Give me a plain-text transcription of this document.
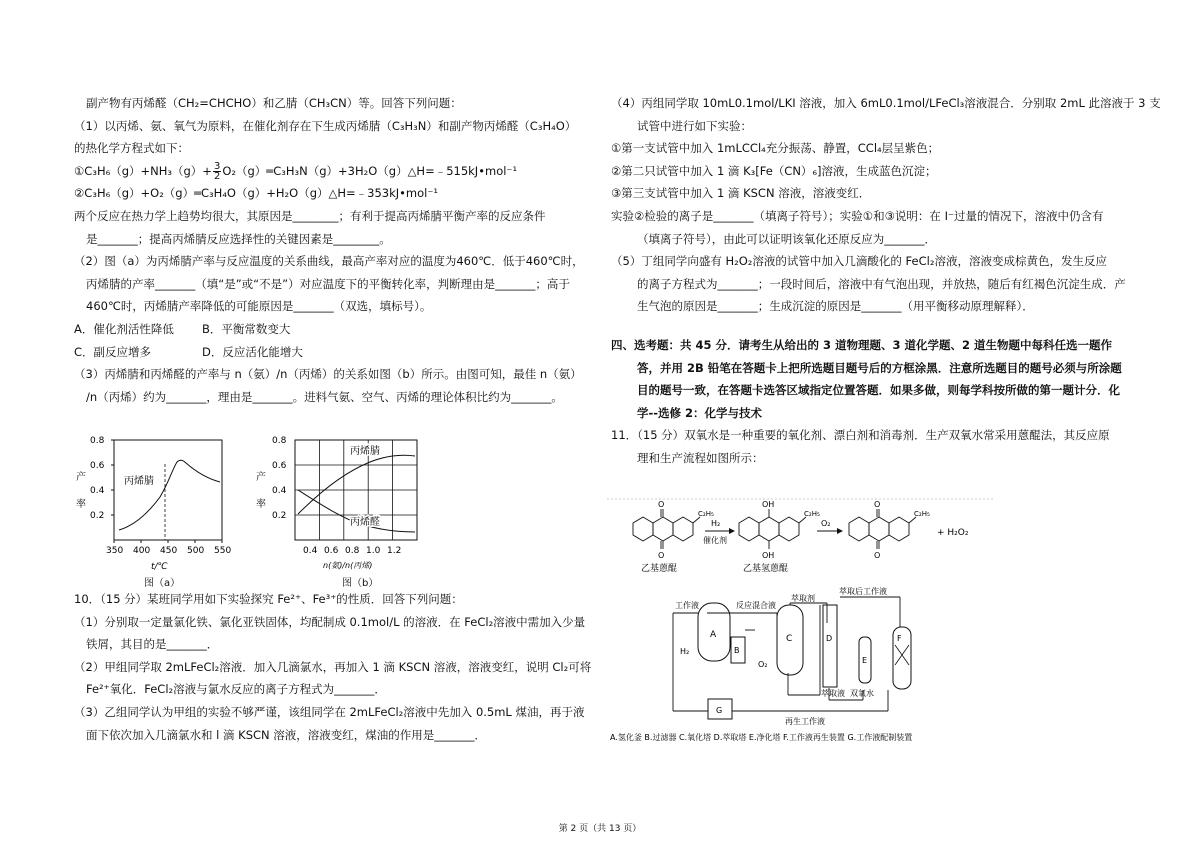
副产物有丙烯醛（CH₂=CHCHO）和乙腈（CH₃CN）等。回答下列问题：
（1）以丙烯、氨、氧气为原料，在催化剂存在下生成丙烯腈（C₃H₃N）和副产物丙烯醛（C₃H₄O）
的热化学方程式如下：
①C₃H₆（g）+NH₃（g）+ $\frac{3}{2}$ O₂（g）═C₃H₃N（g）+3H₂O（g）△H=﹣515kJ•mol⁻¹
②C₃H₆（g）+O₂（g）═C₃H₄O（g）+H₂O（g）△H=﹣353kJ•mol⁻¹
两个反应在热力学上趋势均很大，其原因是________；有利于提高丙烯腈平衡产率的反应条件
是_______；提高丙烯腈反应选择性的关键因素是________。
（2）图（a）为丙烯腈产率与反应温度的关系曲线，最高产率对应的温度为460℃．低于460℃时，
丙烯腈的产率_______（填“是”或“不是”）对应温度下的平衡转化率，判断理由是_______；高于
460℃时，丙烯腈产率降低的可能原因是_______（双选，填标号）。
A．催化剂活性降低	B．平衡常数变大
C．副反应增多	D．反应活化能增大
（3）丙烯腈和丙烯醛的产率与 n（氨）/n（丙烯）的关系如图（b）所示。由图可知，最佳 n（氨）
/n（丙烯）约为_______，理由是_______。进料气氨、空气、丙烯的理论体积比约为_______。
0.2
0.4
0.6
0.8
350 400 450 500 550
产
率
丙烯腈
t/℃
图（a）
0.2
0.4
0.6
0.8
0.4 0.6 0.8 1.0 1.2
产
率
丙烯腈
丙烯醛
n(氨)/n(丙烯)
图（b）
10．（15 分）某班同学用如下实验探究 Fe²⁺、Fe³⁺的性质．回答下列问题：
（1）分别取一定量氯化铁、氯化亚铁固体，均配制成 0.1mol/L 的溶液．在 FeCl₂溶液中需加入少量
铁屑，其目的是_______．
（2）甲组同学取 2mLFeCl₂溶液．加入几滴氯水，再加入 1 滴 KSCN 溶液，溶液变红，说明 Cl₂可将
Fe²⁺氧化．FeCl₂溶液与氯水反应的离子方程式为_______．
（3）乙组同学认为甲组的实验不够严谨，该组同学在 2mLFeCl₂溶液中先加入 0.5mL 煤油，再于液
面下依次加入几滴氯水和 l 滴 KSCN 溶液，溶液变红，煤油的作用是_______．
（4）丙组同学取 10mL0.1mol/LKI 溶液，加入 6mL0.1mol/LFeCl₃溶液混合．分别取 2mL 此溶液于 3 支
试管中进行如下实验：
①第一支试管中加入 1mLCCl₄充分振荡、静置，CCl₄层呈紫色；
②第二只试管中加入 1 滴 K₃[Fe（CN）₆]溶液，生成蓝色沉淀；
③第三支试管中加入 1 滴 KSCN 溶液，溶液变红．
实验②检验的离子是_______（填离子符号）；实验①和③说明：在 I⁻过量的情况下，溶液中仍含有
（填离子符号），由此可以证明该氧化还原反应为_______．
（5）丁组同学向盛有 H₂O₂溶液的试管中加入几滴酸化的 FeCl₂溶液，溶液变成棕黄色，发生反应
的离子方程式为_______；一段时间后，溶液中有气泡出现，并放热，随后有红褐色沉淀生成．产
生气泡的原因是_______；生成沉淀的原因是_______（用平衡移动原理解释）．
四、选考题：共 45 分．请考生从给出的 3 道物理题、3 道化学题、2 道生物题中每科任选一题作
答，并用 2B 铅笔在答题卡上把所选题目题号后的方框涂黑．注意所选题目的题号必须与所涂题
目的题号一致，在答题卡选答区域指定位置答题．如果多做，则每学科按所做的第一题计分．化
学--选修 2：化学与技术
11．（15 分）双氧水是一种重要的氧化剂、漂白剂和消毒剂．生产双氧水常采用蒽醌法，其反应原
理和生产流程如图所示：
O
O
C₂H₅
乙基蒽醌
H₂
催化剂
OH
OH
C₂H₅
乙基氢蒽醌
O₂
O
O
C₂H₅
+ H₂O₂
A
B
C	D
E
F
G
工作液	反应混合液
萃取剂
萃取后工作液
H₂
O₂
萃取液 双氧水
再生工作液
A.氢化釜 B.过滤器 C.氧化塔 D.萃取塔 E.净化塔 F.工作液再生装置 G.工作液配制装置
第 2 页（共 13 页）
